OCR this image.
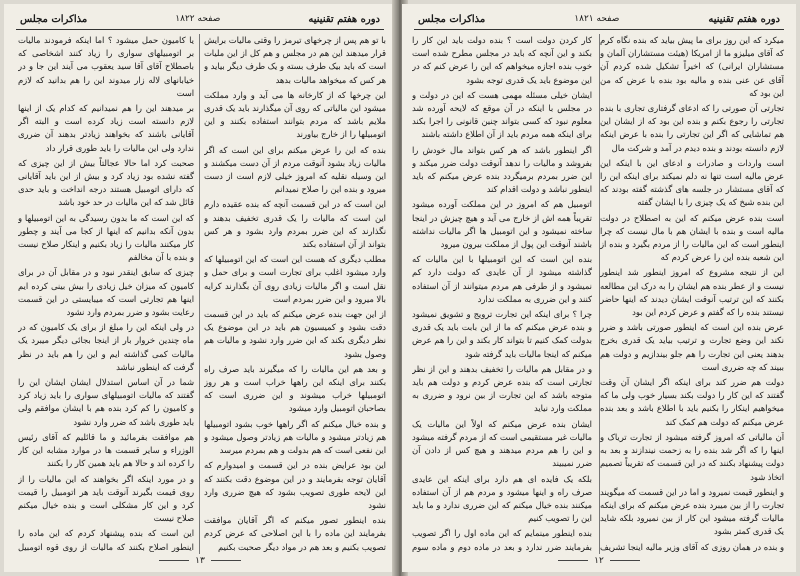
دوره هفتم تقنینیه
صفحه ۱۸۲۲
مذاکرات مجلس

با تو هم پس از چرخهای تیرمز را وقتی مالیات برایش قرار میدهند این هم در مجلس و هم کل از این ملیات است که باید بیک طرف بسته و یک طرف دیگر بیاید و هر کس که میخواهد مالیات بدهد

این چرخها که از کارخانه ها می آید و وارد مملکت میشود این مالیاتی که روی آن میگذارند باید یک قدری ملایم باشد که مردم بتوانند استفاده بکنند و این اتومبیلها را از خارج بیاورند

بنده که این را عرض میکنم برای این است که اگر مالیات زیاد بشود آنوقت مردم از آن دست میکشند و این وسیله نقلیه که امروز خیلی لازم است از دست میرود و بنده این را صلاح نمیدانم

این است که در این قسمت آنچه که بنده عقیده دارم این است که مالیات را یک قدری تخفیف بدهند و نگذارند که این ضرر بمردم وارد بشود و هر کس بتواند از آن استفاده بکند

مطلب دیگری که هست این است که این اتومبیلها که وارد میشود اغلب برای تجارت است و برای حمل و نقل است و اگر مالیات زیادی روی آن بگذارند کرایه بالا میرود و این ضرر بمردم است

از این جهت بنده عرض میکنم که باید در این قسمت دقت بشود و کمیسیون هم باید در این موضوع یک نظر دیگری بکند که این ضرر وارد نشود و مالیات هم وصول بشود

و بعد هم این مالیات را که میگیرند باید صرف راه بکنند برای اینکه این راهها خراب است و هر روز اتومبیلها خراب میشوند و این ضرری است که بصاحبان اتومبیل وارد میشود

و بنده خیال میکنم که اگر راهها خوب بشود اتومبیلها هم زیادتر میشود و مالیات هم زیادتر وصول میشود و این نفعی است که هم بدولت و هم بمردم میرسد

این بود عرایض بنده در این قسمت و امیدوارم که آقایان توجه بفرمایند و در این موضوع دقت بکنند که این لایحه طوری تصویب بشود که هیچ ضرری وارد نشود

بنده اینطور تصور میکنم که اگر آقایان موافقت بفرمایند این ماده را با این اصلاحی که عرض کردم تصویب بکنیم و بعد هم در مواد دیگر صحبت بکنیم

یا کامیون حمل میشود ؟ اما اینکه فرمودند مالیات بر اتومبیلهای سواری را زیاد کنند اشخاصی که باصطلاح آقای آقا سید یعقوب می آیند این جا و در خیابانهای لاله زار میدوند این را هم بدانید که لازم است

بر میدهند این را هم نمیدانیم که کدام یک از اینها لازم دانسته است زیاد کرده است و البته اگر آقایانی باشند که بخواهند زیادتر بدهند آن ضرری ندارد ولی این مالیات را باید طوری قرار داد

صحبت کرد اما حالا عجالتاً بیش از این چیزی که گفته نشده بود زیاد کرد و بیش از این باید آقایانی که دارای اتومبیل هستند درجه انداخت و باید حدی قائل شد که این مالیات در حد خود باشد

که این است که ما بدون رسیدگی به این اتومبیلها و بدون آنکه بدانیم که اینها از کجا می آیند و چطور کار میکنند مالیات را زیاد بکنیم و اینکار صلاح نیست و بنده با آن مخالفم

چیزی که سابق اینقدر نبود و در مقابل آن در برای کامیون که میزان خیل زیادی را بیش بینی کرده ایم اینها هم تجارتی است که میبایستی در این قسمت رعایت بشود و ضرر بمردم وارد نشود

در ولی اینکه این را مبلغ از برای یک کامیون که در ماه چندین خروار بار از اینجا بجائی دیگر میبرد یک مالیات کمی گذاشته ایم و این را هم باید در نظر گرفت که اینطور نباشد

شما در آن اساس استدلال ایشان ایشان این را گفتند که مالیات اتومبیلهای سواری را باید زیاد کرد و کامیون را کم کرد بنده هم با ایشان موافقم ولی باید طوری باشد که ضرر وارد نشود

هم موافقت بفرمائید و ما قائلیم که آقای رئیس الوزراء و سایر قسمت ها در موارد مشابه این کار را کرده اند و حالا هم باید همین کار را بکنند

و در مورد اینکه اگر بخواهند که این مالیات را از روی قیمت بگیرند آنوقت باید هر اتومبیل را قیمت کرد و این کار مشکلی است و بنده خیال میکنم صلاح نیست

این است که بنده پیشنهاد کردم که این ماده را اینطور اصلاح بکنند که مالیات از روی قوه اتومبیل

۱۳
دوره هفتم تقنینیه
صفحه ۱۸۲۱
مذاکرات مجلس

میکرد که این روز برای ما پیش بیاید که بنده نگاه کرم که آقای میلیزو ما از امریکا (هیئت مستشاران آلمان و مستشاران ایرانی) که اخیراً تشکیل شده کردم آن آقای عن عنی بنده و مالیه بود بنده با عرض که من این بود که

تجارتی آن صورتی را که ادعای گرفتاری تجاری با بنده تجارتی را رجوع بکنم و بنده این بود که از ایشان این هم تماشایی که اگر این تجارتی را بنده با عرض اینکه لازم دانسته بودند و بنده دیدم در آمد و شرکت مال

است واردات و صادرات و ادعای این با اینکه این عرض مالیه است تنها نه دلم نمیکند برای اینکه این را که آقای مستشار در جلسه های گذشته گفته بودند که این بنده شیخ که یک چیزی را با ایشان گفته

است بنده عرض میکنم که این به اصطلاح در دولت مالیه است و بنده با ایشان هم با مال نیست که چرا اینطور است که این مالیات را از مردم بگیرد و بنده از این شعبه بنده این را عرض کردم که

این از نتیجه مشروع که امروز اینطور شد اینطور نیست و از عطر بنده هم ایشان را به درک این مطالعه بکنند که این ترتیب آنوقت ایشان دیدند که اینها حاضر نیستند بنده را که گفتم و عرض کردم این بود

عرض بنده این است که اینطور صورتی باشد و ضرر نکند این وضع تجارت و ترتیب بیاید یک قدری بخرج بدهند یعنی این تجارت را هم جلو بیندازیم و دولت هم ببیند که چه ضرری است

دولت هم ضرر کند برای اینکه اگر ایشان آن وقت گفتند که این کار را دولت بکند بسیار خوب ولی ما که میخواهیم اینکار را بکنیم باید با اطلاع باشد و بعد بنده عرض میکنم که دولت هم کمک کند

آن مالیاتی که امروز گرفته میشود از تجارت تریاک و اینها را که اگر شد بنده را به زحمت نیندازند و بعد به دولت پیشنهاد بکنند که در این قسمت که تقریباً تصمیم اتخاذ شود

و اینطور قیمت نمیرود و اما در این قسمت که میگویند تجارت را از بین میبرد بنده عرض میکنم که برای اینکه مالیات گرفته میشود این کار از بین نمیرود بلکه شاید یک قدری کمتر بشود

و بنده در همان روزی که آقای وزیر مالیه اینجا تشریف

کار کردن دولت است ؟ بنده دولت باید این کار را بکند و این آنچه که باید در مجلس مطرح شده است خوب بنده اجازه میخواهم که این را عرض کنم که در این موضوع باید یک قدری توجه بشود

ایشان خیلی مسئله مهمی هست که این در دولت و در مجلس با اینکه در آن موقع که لایحه آورده شد معلوم نبود که کسی بتواند چنین قانونی را اجرا بکند برای اینکه همه مردم باید از آن اطلاع داشته باشند

اگر اینطور باشد که هر کس بتواند مال خودش را بفروشد و مالیات را ندهد آنوقت دولت ضرر میکند و این ضرر بمردم برمیگردد بنده عرض میکنم که باید اینطور نباشد و دولت اقدام کند

اتومبیل هم که امروز در این مملکت آورده میشود تقریباً همه اش از خارج می آید و هیچ چیزش در اینجا ساخته نمیشود و این اتومبیل ها اگر مالیات نداشته باشند آنوقت این پول از مملکت بیرون میرود

بنده این است که این اتومبیلها با این مالیات که گذاشته میشود از آن عایدی که دولت دارد کم نمیشود و از طرفی هم مردم میتوانند از آن استفاده کنند و این ضرری به مملکت ندارد

چرا ؟ برای اینکه این تجارت ترویج و تشویق نمیشود و بنده عرض میکنم که ما از این بابت باید یک قدری بدولت کمک کنیم تا بتواند کار بکند و این را هم عرض میکنم که اینجا مالیات باید گرفته شود

و در مقابل هم مالیات را تخفیف بدهند و این از نظر تجارتی است که بنده عرض کردم و دولت هم باید متوجه باشد که این تجارت از بین نرود و ضرری به مملکت وارد نیاید

ایشان بنده عرض میکنم که اولاً این مالیات یک مالیات غیر مستقیمی است که از مردم گرفته میشود و این را هم مردم میدهند و هیچ کس از دادن آن ضرر نمیبیند

بلکه یک فایده ای هم دارد برای اینکه این عایدی صرف راه و اینها میشود و مردم هم از آن استفاده میکنند بنده خیال میکنم که این ضرری ندارد و ما باید این را تصویب کنیم

بنده اینطور مینمایم که این ماده اول را اگر تصویب بفرمایند ضرر ندارد و بعد در ماده دوم و ماده سوم

۱۲
